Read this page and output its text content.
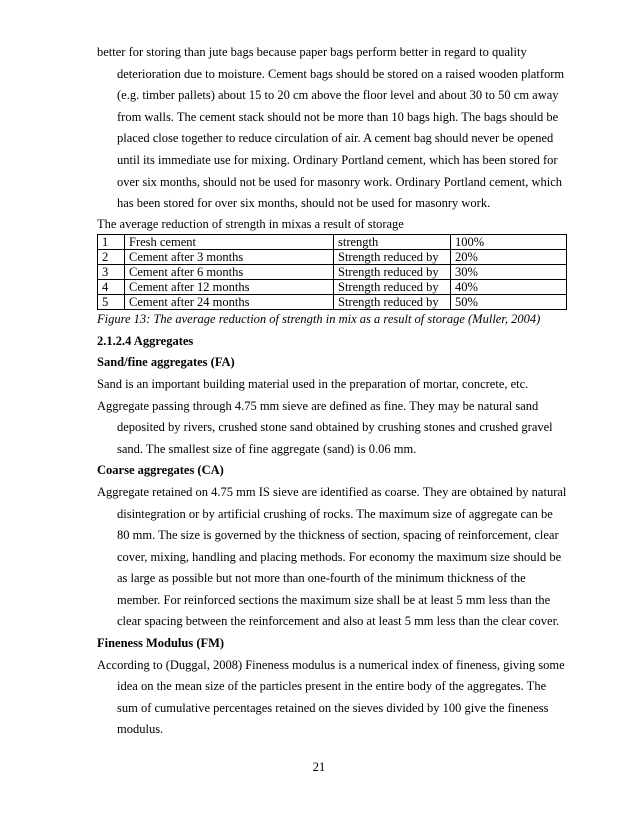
better for storing than jute bags because paper bags perform better in regard to quality deterioration due to moisture. Cement bags should be stored on a raised wooden platform (e.g. timber pallets) about 15 to 20 cm above the floor level and about 30 to 50 cm away from walls. The cement stack should not be more than 10 bags high. The bags should be placed close together to reduce circulation of air. A cement bag should never be opened until its immediate use for mixing. Ordinary Portland cement, which has been stored for over six months, should not be used for masonry work. Ordinary Portland cement, which has been stored for over six months, should not be used for masonry work.

The average reduction of strength in mixas a result of storage

1	Fresh cement	strength	100%
2	Cement after 3 months	Strength reduced by	20%
3	Cement after 6 months	Strength reduced by	30%
4	Cement after 12 months	Strength reduced by	40%
5	Cement after 24 months	Strength reduced by	50%

Figure 13: The average reduction of strength in mix as a result of storage (Muller, 2004)

2.1.2.4 Aggregates

Sand/fine aggregates (FA)

Sand is an important building material used in the preparation of mortar, concrete, etc.

Aggregate passing through 4.75 mm sieve are defined as fine. They may be natural sand deposited by rivers, crushed stone sand obtained by crushing stones and crushed gravel sand. The smallest size of fine aggregate (sand) is 0.06 mm.

Coarse aggregates (CA)

Aggregate retained on 4.75 mm IS sieve are identified as coarse. They are obtained by natural disintegration or by artificial crushing of rocks. The maximum size of aggregate can be 80 mm. The size is governed by the thickness of section, spacing of reinforcement, clear cover, mixing, handling and placing methods. For economy the maximum size should be as large as possible but not more than one-fourth of the minimum thickness of the member. For reinforced sections the maximum size shall be at least 5 mm less than the clear spacing between the reinforcement and also at least 5 mm less than the clear cover.

Fineness Modulus (FM)

According to (Duggal, 2008) Fineness modulus is a numerical index of fineness, giving some idea on the mean size of the particles present in the entire body of the aggregates. The sum of cumulative percentages retained on the sieves divided by 100 give the fineness modulus.

21
